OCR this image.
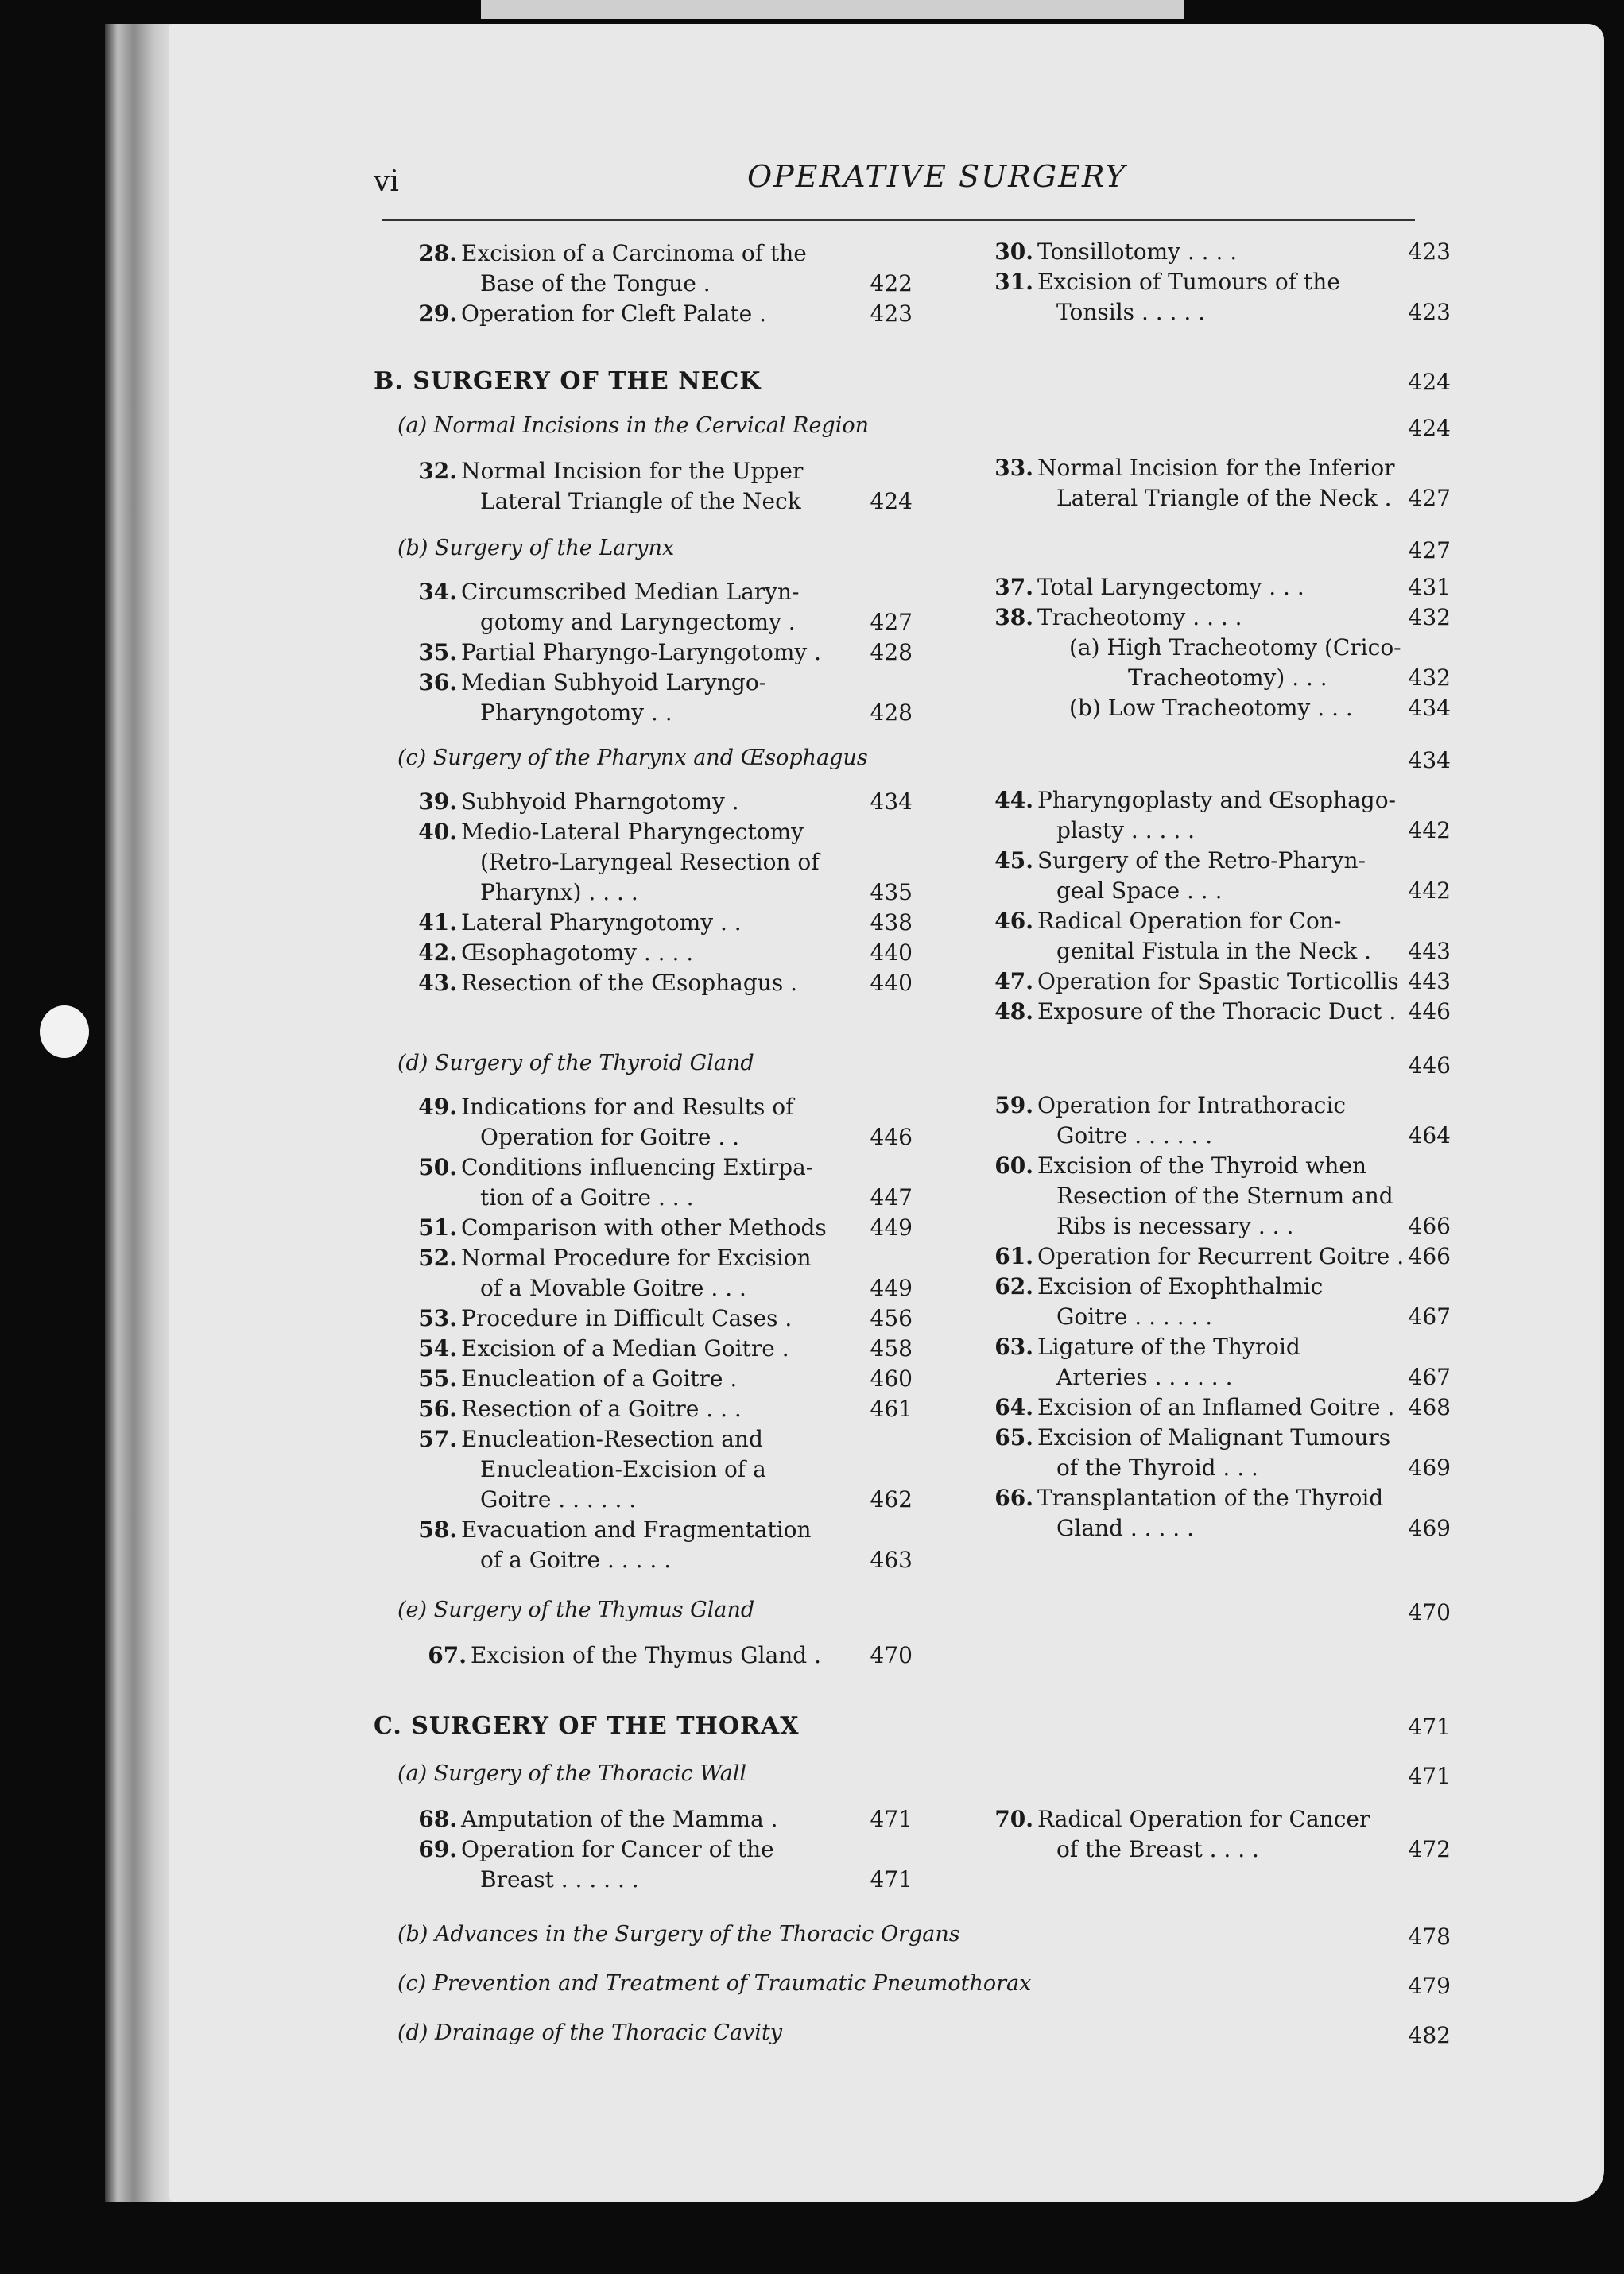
vi	OPERATIVE SURGERY
28. Excision of a Carcinoma of the
Base of the Tongue .	422
29. Operation for Cleft Palate .	423
30. Tonsillotomy . . . .	423
31. Excision of Tumours of the
Tonsils . . . . .	423
32. Normal Incision for the Upper
Lateral Triangle of the Neck	424
33. Normal Incision for the Inferior
Lateral Triangle of the Neck . 427
34. Circumscribed Median Laryn-
gotomy and Laryngectomy .	427
35. Partial Pharyngo-Laryngotomy .	428
36. Median Subhyoid Laryngo-
Pharyngotomy . .	428
37. Total Laryngectomy . . .	431
38. Tracheotomy . . . .	432
(a) High Tracheotomy (Crico-
Tracheotomy) . . .	432
(b) Low Tracheotomy . . .	434
39. Subhyoid Pharngotomy .	434
40. Medio-Lateral Pharyngectomy
(Retro-Laryngeal Resection of
Pharynx) . . . .	435
41. Lateral Pharyngotomy . .	438
42. Œsophagotomy . . . .	440
43. Resection of the Œsophagus .	440
44. Pharyngoplasty and Œsophago-
plasty . . . . .	442
45. Surgery of the Retro-Pharyn-
geal Space . . .	442
46. Radical Operation for Con-
genital Fistula in the Neck .	443
47. Operation for Spastic Torticollis 443
48. Exposure of the Thoracic Duct . 446
49. Indications for and Results of
Operation for Goitre . .	446
50. Conditions influencing Extirpa-
tion of a Goitre . . .	447
51. Comparison with other Methods	449
52. Normal Procedure for Excision
of a Movable Goitre . . .	449
53. Procedure in Difficult Cases .	456
54. Excision of a Median Goitre .	458
55. Enucleation of a Goitre .	460
56. Resection of a Goitre . . .	461
57. Enucleation-Resection and
Enucleation-Excision of a
Goitre . . . . . .	462
58. Evacuation and Fragmentation
of a Goitre . . . . .	463
59. Operation for Intrathoracic
Goitre . . . . . .	464
60. Excision of the Thyroid when
Resection of the Sternum and
Ribs is necessary . . .	466
61. Operation for Recurrent Goitre . 466
62. Excision of Exophthalmic
Goitre . . . . . .	467
63. Ligature of the Thyroid
Arteries . . . . . .	467
64. Excision of an Inflamed Goitre . 468
65. Excision of Malignant Tumours
of the Thyroid . . .	469
66. Transplantation of the Thyroid
Gland . . . . .	469
67. Excision of the Thymus Gland .	470
68. Amputation of the Mamma .	471
69. Operation for Cancer of the
Breast . . . . . .	471
70. Radical Operation for Cancer
of the Breast . . . .	472
B. SURGERY OF THE NECK	424
(a) Normal Incisions in the Cervical Region	424
(b) Surgery of the Larynx	427
(c) Surgery of the Pharynx and Œsophagus	434
(d) Surgery of the Thyroid Gland	446
(e) Surgery of the Thymus Gland	470
C. SURGERY OF THE THORAX	471
(a) Surgery of the Thoracic Wall	471
(b) Advances in the Surgery of the Thoracic Organs	478
(c) Prevention and Treatment of Traumatic Pneumothorax	479
(d) Drainage of the Thoracic Cavity	482
